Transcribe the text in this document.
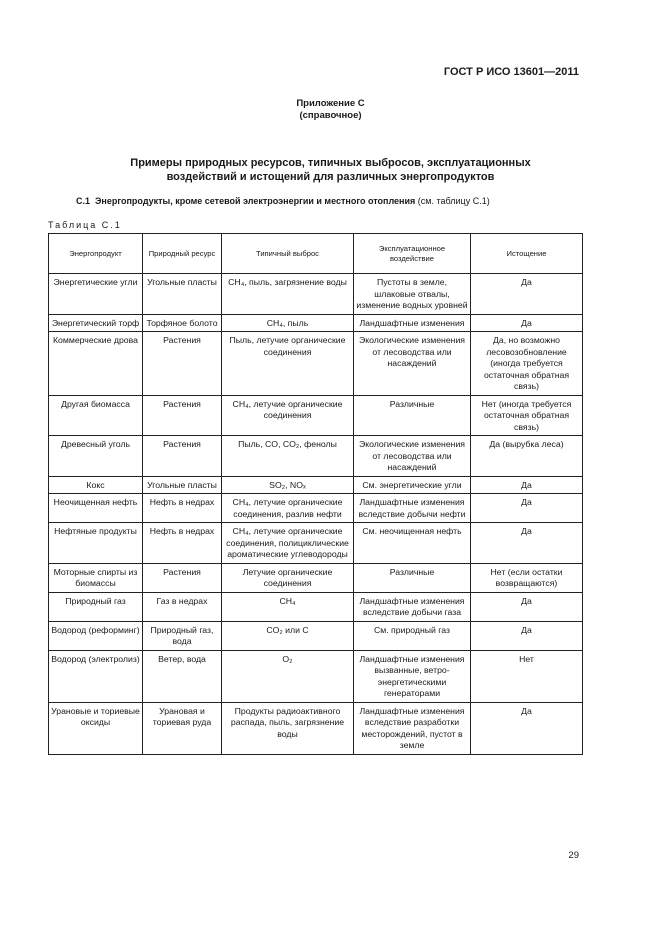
ГОСТ Р ИСО 13601—2011
Приложение C
(справочное)
Примеры природных ресурсов, типичных выбросов, эксплуатационных
воздействий и истощений для различных энергопродуктов
C.1 Энергопродукты, кроме сетевой электроэнергии и местного отопления (см. таблицу С.1)
Таблица С.1
Энергопродукт	Природный ресурс	Типичный выброс	Эксплуатационное воздействие	Истощение
Энергетические угли	Угольные пласты	CH₄, пыль, загрязнение воды	Пустоты в земле, шлаковые отвалы, изменение водных уровней	Да
Энергетический торф	Торфяное болото	CH₄, пыль	Ландшафтные изменения	Да
Коммерческие дрова	Растения	Пыль, летучие органические соединения	Экологические изменения от лесоводства или насаждений	Да, но возможно лесовозобновление (иногда требуется остаточная обратная связь)
Другая биомасса	Растения	CH₄, летучие органические соединения	Различные	Нет (иногда требуется остаточная обратная связь)
Древесный уголь	Растения	Пыль, CO, CO₂, фенолы	Экологические изменения от лесоводства или насаждений	Да (вырубка леса)
Кокс	Угольные пласты	SO₂, NOₓ	См. энергетические угли	Да
Неочищенная нефть	Нефть в недрах	CH₄, летучие органические соединения, разлив нефти	Ландшафтные изменения вследствие добычи нефти	Да
Нефтяные продукты	Нефть в недрах	CH₄, летучие органические соединения, полициклические ароматические углеводороды	См. неочищенная нефть	Да
Моторные спирты из биомассы	Растения	Летучие органические соединения	Различные	Нет (если остатки возвращаются)
Природный газ	Газ в недрах	CH₄	Ландшафтные изменения вследствие добычи газа	Да
Водород (реформинг)	Природный газ, вода	CO₂ или C	См. природный газ	Да
Водород (электролиз)	Ветер, вода	O₂	Ландшафтные изменения вызванные, ветро-энергетическими генераторами	Нет
Урановые и ториевые оксиды	Урановая и ториевая руда	Продукты радиоактивного распада, пыль, загрязнение воды	Ландшафтные изменения вследствие разработки месторождений, пустот в земле	Да
29
